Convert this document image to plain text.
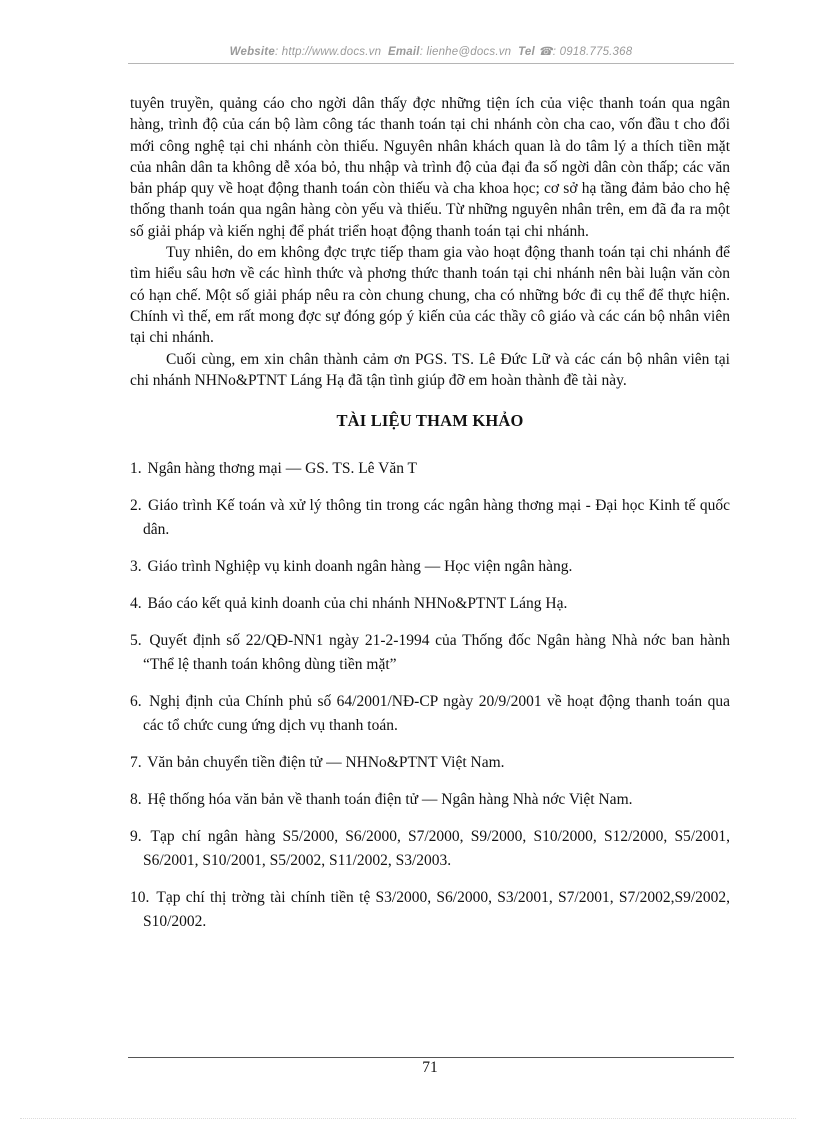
Website: http://www.docs.vn Email: lienhe@docs.vn Tel ☎: 0918.775.368

tuyên truyền, quảng cáo cho ngời dân thấy đợc những tiện ích của việc thanh toán qua ngân hàng, trình độ của cán bộ làm công tác thanh toán tại chi nhánh còn cha cao, vốn đầu t cho đổi mới công nghệ tại chi nhánh còn thiếu. Nguyên nhân khách quan là do tâm lý a thích tiền mặt của nhân dân ta không dễ xóa bỏ, thu nhập và trình độ của đại đa số ngời dân còn thấp; các văn bản pháp quy về hoạt động thanh toán còn thiếu và cha khoa học; cơ sở hạ tầng đảm bảo cho hệ thống thanh toán qua ngân hàng còn yếu và thiếu. Từ những nguyên nhân trên, em đã đa ra một số giải pháp và kiến nghị để phát triển hoạt động thanh toán tại chi nhánh.

Tuy nhiên, do em không đợc trực tiếp tham gia vào hoạt động thanh toán tại chi nhánh để tìm hiểu sâu hơn về các hình thức và phơng thức thanh toán tại chi nhánh nên bài luận văn còn có hạn chế. Một số giải pháp nêu ra còn chung chung, cha có những bớc đi cụ thể để thực hiện. Chính vì thế, em rất mong đợc sự đóng góp ý kiến của các thầy cô giáo và các cán bộ nhân viên tại chi nhánh.

Cuối cùng, em xin chân thành cảm ơn PGS. TS. Lê Đức Lữ và các cán bộ nhân viên tại chi nhánh NHNo&PTNT Láng Hạ đã tận tình giúp đỡ em hoàn thành đề tài này.

TÀI LIỆU THAM KHẢO
1. Ngân hàng thơng mại — GS. TS. Lê Văn T
2. Giáo trình Kế toán và xử lý thông tin trong các ngân hàng thơng mại - Đại học Kinh tế quốc dân.
3. Giáo trình Nghiệp vụ kinh doanh ngân hàng — Học viện ngân hàng.
4. Báo cáo kết quả kinh doanh của chi nhánh NHNo&PTNT Láng Hạ.
5. Quyết định số 22/QĐ-NN1 ngày 21-2-1994 của Thống đốc Ngân hàng Nhà nớc ban hành “Thể lệ thanh toán không dùng tiền mặt”
6. Nghị định của Chính phủ số 64/2001/NĐ-CP ngày 20/9/2001 về hoạt động thanh toán qua các tổ chức cung ứng dịch vụ thanh toán.
7. Văn bản chuyển tiền điện tử — NHNo&PTNT Việt Nam.
8. Hệ thống hóa văn bản về thanh toán điện tử — Ngân hàng Nhà nớc Việt Nam.
9. Tạp chí ngân hàng S5/2000, S6/2000, S7/2000, S9/2000, S10/2000, S12/2000, S5/2001, S6/2001, S10/2001, S5/2002, S11/2002, S3/2003.
10. Tạp chí thị trờng tài chính tiền tệ S3/2000, S6/2000, S3/2001, S7/2001, S7/2002,S9/2002, S10/2002.
71
